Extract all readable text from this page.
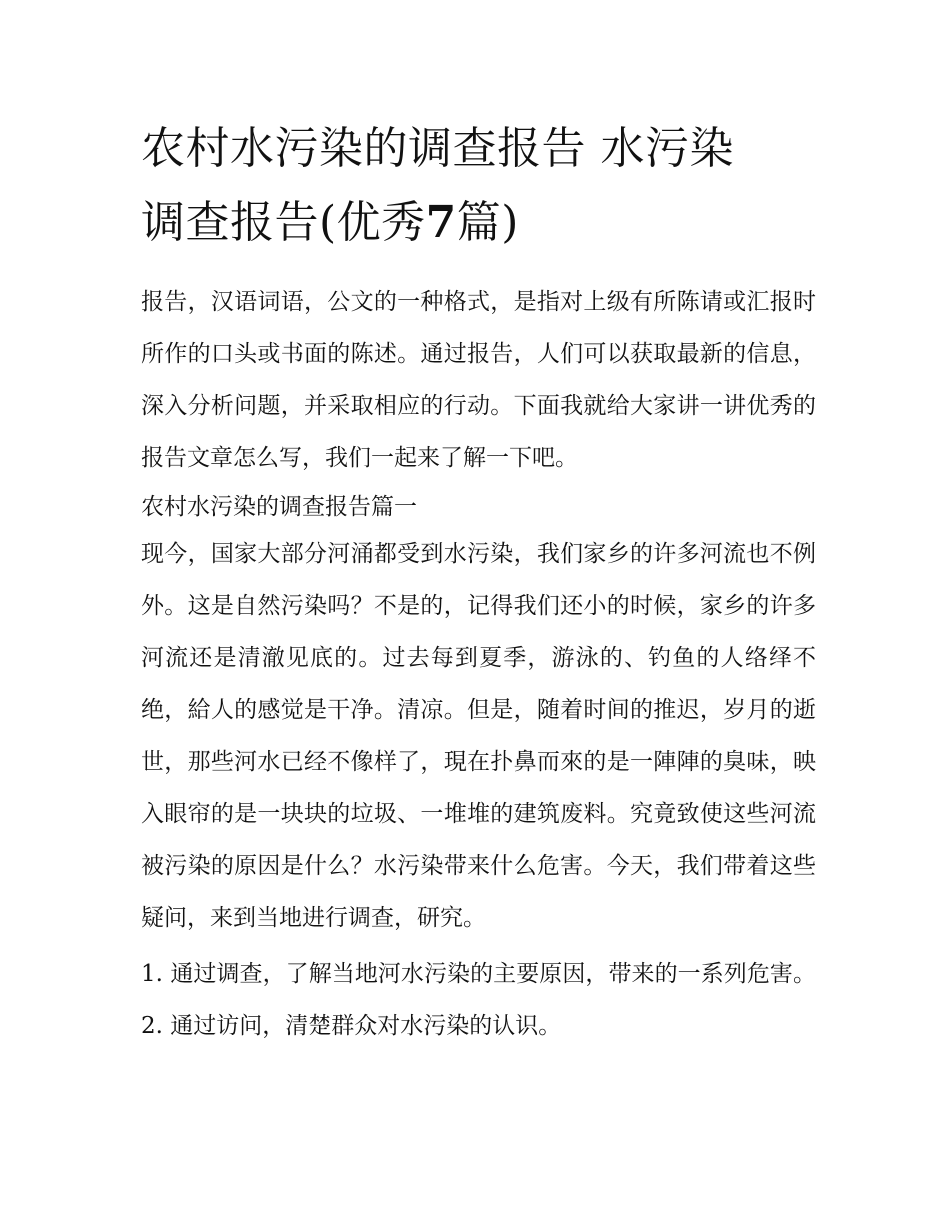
农村水污染的调查报告 水污染
调查报告(优秀7篇)

报告，汉语词语，公文的一种格式，是指对上级有所陈请或汇报时所作的口头或书面的陈述。通过报告，人们可以获取最新的信息，深入分析问题，并采取相应的行动。下面我就给大家讲一讲优秀的报告文章怎么写，我们一起来了解一下吧。

农村水污染的调查报告篇一

现今，国家大部分河涌都受到水污染，我们家乡的许多河流也不例外。这是自然污染吗？不是的，记得我们还小的时候，家乡的许多河流还是清澈见底的。过去每到夏季，游泳的、钓鱼的人络绎不绝，給人的感觉是干净。清凉。但是，随着时间的推迟，岁月的逝世，那些河水已经不像样了，現在扑鼻而來的是一陣陣的臭味，映入眼帘的是一块块的垃圾、一堆堆的建筑废料。究竟致使这些河流被污染的原因是什么？水污染带来什么危害。今天，我们带着这些疑问，来到当地进行调查，研究。

1. 通过调查，了解当地河水污染的主要原因，带来的一系列危害。 2. 通过访问，清楚群众对水污染的认识。
